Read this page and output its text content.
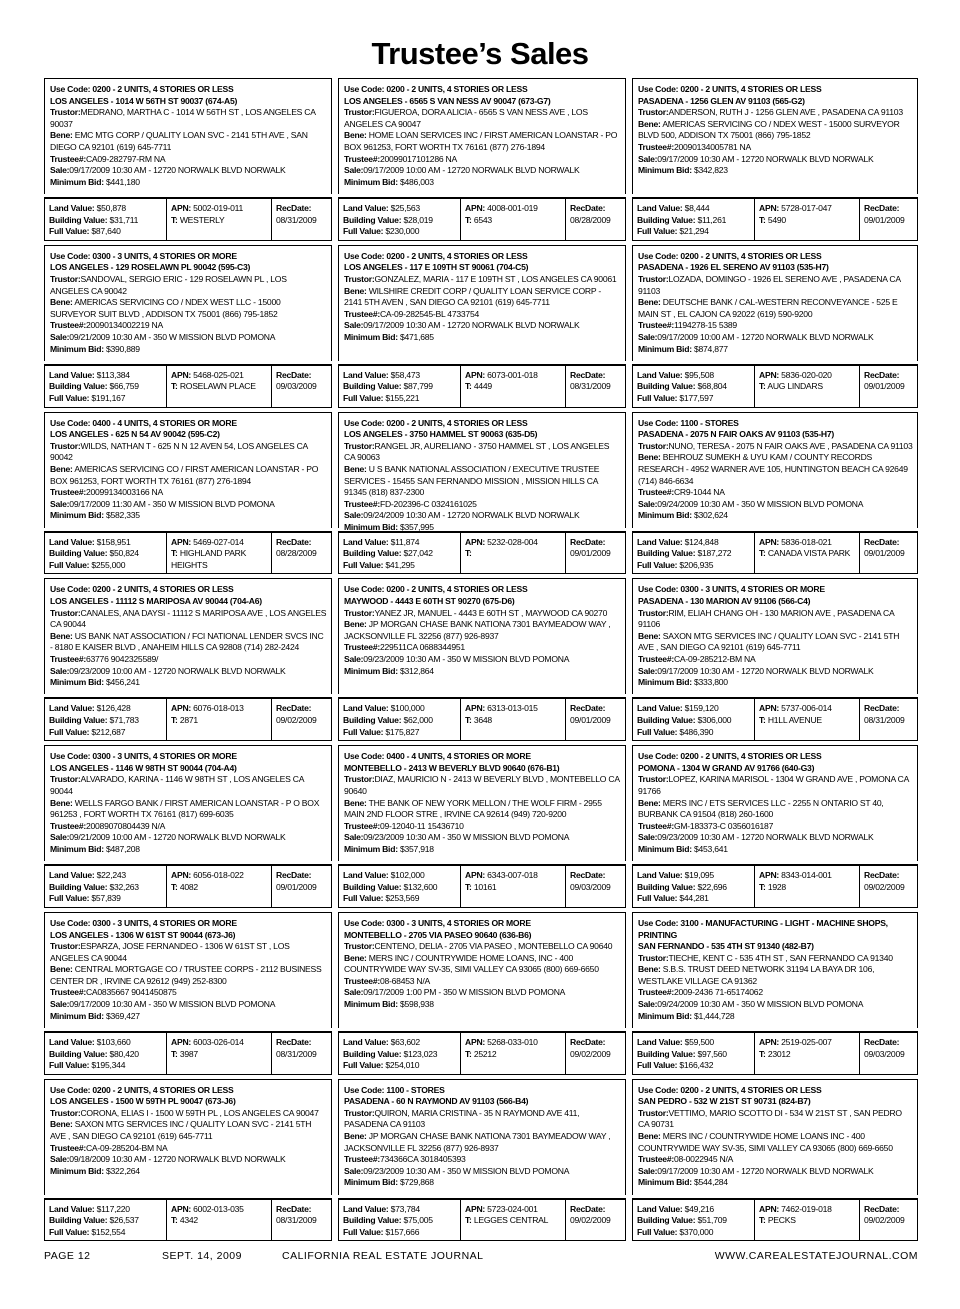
Trustee’s Sales
Use Code: 0200 - 2 UNITS, 4 STORIES OR LESS
LOS ANGELES - 1014 W 56TH ST 90037 (674-A5)
Trustor:MEDRANO, MARTHA C - 1014 W 56TH ST , LOS ANGELES CA 90037
Bene: EMC MTG CORP / QUALITY LOAN SVC - 2141 5TH AVE , SAN DIEGO CA 92101 (619) 645-7711
Trustee#:CA09-282797-RM NA
Sale:09/17/2009 10:30 AM - 12720 NORWALK BLVD NORWALK
Minimum Bid: $441,180
Land Value: $50,878
Building Value: $31,711
Full Value: $87,640
APN: 5002-019-011
T: WESTERLY
RecDate:
08/31/2009
Use Code: 0200 - 2 UNITS, 4 STORIES OR LESS
LOS ANGELES - 6565 S VAN NESS AV 90047 (673-G7)
Trustor:FIGUEROA, DORA ALICIA - 6565 S VAN NESS AVE , LOS ANGELES CA 90047
Bene: HOME LOAN SERVICES INC / FIRST AMERICAN LOANSTAR - PO BOX 961253, FORT WORTH TX 76161 (877) 276-1894
Trustee#:20099017101286 NA
Sale:09/17/2009 10:00 AM - 12720 NORWALK BLVD NORWALK
Minimum Bid: $486,003
Land Value: $25,563
Building Value: $28,019
Full Value: $230,000
APN: 4008-001-019
T: 6543
RecDate:
08/28/2009
Use Code: 0200 - 2 UNITS, 4 STORIES OR LESS
PASADENA - 1256 GLEN AV 91103 (565-G2)
Trustor:ANDERSON, RUTH J - 1256 GLEN AVE , PASADENA CA 91103
Bene: AMERICAS SERVICING CO / NDEX WEST - 15000 SURVEYOR BLVD 500, ADDISON TX 75001 (866) 795-1852
Trustee#:20090134005781 NA
Sale:09/17/2009 10:30 AM - 12720 NORWALK BLVD NORWALK
Minimum Bid: $342,823
Land Value: $8,444
Building Value: $11,261
Full Value: $21,294
APN: 5728-017-047
T: 5490
RecDate:
09/01/2009
Use Code: 0300 - 3 UNITS, 4 STORIES OR MORE
LOS ANGELES - 129 ROSELAWN PL 90042 (595-C3)
Trustor:SANDOVAL, SERGIO ERIC - 129 ROSELAWN PL , LOS ANGELES CA 90042
Bene: AMERICAS SERVICING CO / NDEX WEST LLC - 15000 SURVEYOR SUIT BLVD , ADDISON TX 75001 (866) 795-1852
Trustee#:20090134002219 NA
Sale:09/21/2009 10:30 AM - 350 W MISSION BLVD POMONA
Minimum Bid: $390,889
Land Value: $113,384
Building Value: $66,759
Full Value: $191,167
APN: 5468-025-021
T: ROSELAWN PLACE
RecDate:
09/03/2009
Use Code: 0200 - 2 UNITS, 4 STORIES OR LESS
LOS ANGELES - 117 E 109TH ST 90061 (704-C5)
Trustor:GONZALEZ, MARIA - 117 E 109TH ST , LOS ANGELES CA 90061
Bene: WILSHIRE CREDIT CORP / QUALITY LOAN SERVICE CORP - 2141 5TH AVEN , SAN DIEGO CA 92101 (619) 645-7711
Trustee#:CA-09-282545-BL 4733754
Sale:09/17/2009 10:30 AM - 12720 NORWALK BLVD NORWALK
Minimum Bid: $471,685
Land Value: $58,473
Building Value: $87,799
Full Value: $155,221
APN: 6073-001-018
T: 4449
RecDate:
08/31/2009
Use Code: 0200 - 2 UNITS, 4 STORIES OR LESS
PASADENA - 1926 EL SERENO AV 91103 (535-H7)
Trustor:LOZADA, DOMINGO - 1926 EL SERENO AVE , PASADENA CA 91103
Bene: DEUTSCHE BANK / CAL-WESTERN RECONVEYANCE - 525 E MAIN ST , EL CAJON CA 92022 (619) 590-9200
Trustee#:1194278-15 5389
Sale:09/17/2009 10:00 AM - 12720 NORWALK BLVD NORWALK
Minimum Bid: $874,877
Land Value: $95,508
Building Value: $68,804
Full Value: $177,597
APN: 5836-020-020
T: AUG LINDARS
RecDate:
09/01/2009
Use Code: 0400 - 4 UNITS, 4 STORIES OR MORE
LOS ANGELES - 625 N 54 AV 90042 (595-C2)
Trustor:WILDS, NATHAN T - 625 N N 12 AVEN 54, LOS ANGELES CA 90042
Bene: AMERICAS SERVICING CO / FIRST AMERICAN LOANSTAR - PO BOX 961253, FORT WORTH TX 76161 (877) 276-1894
Trustee#:20099134003166 NA
Sale:09/17/2009 11:30 AM - 350 W MISSION BLVD POMONA
Minimum Bid: $582,335
Land Value: $158,951
Building Value: $50,824
Full Value: $255,000
APN: 5469-027-014
T: HIGHLAND PARK HEIGHTS
RecDate:
08/28/2009
Use Code: 0200 - 2 UNITS, 4 STORIES OR LESS
LOS ANGELES - 3750 HAMMEL ST 90063 (635-D5)
Trustor:RANGEL JR, AURELIANO - 3750 HAMMEL ST , LOS ANGELES CA 90063
Bene: U S BANK NATIONAL ASSOCIATION / EXECUTIVE TRUSTEE SERVICES - 15455 SAN FERNANDO MISSION , MISSION HILLS CA 91345 (818) 837-2300
Trustee#:FD-202396-C 0324161025
Sale:09/24/2009 10:30 AM - 12720 NORWALK BLVD NORWALK
Minimum Bid: $357,995
Land Value: $11,874
Building Value: $27,042
Full Value: $41,295
APN: 5232-028-004
T:
RecDate:
09/01/2009
Use Code: 1100 - STORES
PASADENA - 2075 N FAIR OAKS AV 91103 (535-H7)
Trustor:NUNO, TERESA - 2075 N FAIR OAKS AVE , PASADENA CA 91103
Bene: BEHROUZ SUMEKH & UYU KAM / COUNTY RECORDS RESEARCH - 4952 WARNER AVE 105, HUNTINGTON BEACH CA 92649 (714) 846-6634
Trustee#:CR9-1044 NA
Sale:09/24/2009 10:30 AM - 350 W MISSION BLVD POMONA
Minimum Bid: $302,624
Land Value: $124,848
Building Value: $187,272
Full Value: $206,935
APN: 5836-018-021
T: CANADA VISTA PARK
RecDate:
09/01/2009
Use Code: 0200 - 2 UNITS, 4 STORIES OR LESS
LOS ANGELES - 11112 S MARIPOSA AV 90044 (704-A6)
Trustor:CANALES, ANA DAYSI - 11112 S MARIPOSA AVE , LOS ANGELES CA 90044
Bene: US BANK NAT ASSOCIATION / FCI NATIONAL LENDER SVCS INC - 8180 E KAISER BLVD , ANAHEIM HILLS CA 92808 (714) 282-2424
Trustee#:63776 9042325589/
Sale:09/23/2009 10:00 AM - 12720 NORWALK BLVD NORWALK
Minimum Bid: $456,241
Land Value: $126,428
Building Value: $71,783
Full Value: $212,687
APN: 6076-018-013
T: 2871
RecDate:
09/02/2009
Use Code: 0200 - 2 UNITS, 4 STORIES OR LESS
MAYWOOD - 4443 E 60TH ST 90270 (675-D6)
Trustor:YANEZ JR, MANUEL - 4443 E 60TH ST , MAYWOOD CA 90270
Bene: JP MORGAN CHASE BANK NATIONA 7301 BAYMEADOW WAY , JACKSONVILLE FL 32256 (877) 926-8937
Trustee#:229511CA 0688344951
Sale:09/23/2009 10:30 AM - 350 W MISSION BLVD POMONA
Minimum Bid: $312,864
Land Value: $100,000
Building Value: $62,000
Full Value: $175,827
APN: 6313-013-015
T: 3648
RecDate:
09/01/2009
Use Code: 0300 - 3 UNITS, 4 STORIES OR MORE
PASADENA - 130 MARION AV 91106 (566-C4)
Trustor:RIM, ELIAH CHANG OH - 130 MARION AVE , PASADENA CA 91106
Bene: SAXON MTG SERVICES INC / QUALITY LOAN SVC - 2141 5TH AVE , SAN DIEGO CA 92101 (619) 645-7711
Trustee#:CA-09-285212-BM NA
Sale:09/17/2009 10:30 AM - 12720 NORWALK BLVD NORWALK
Minimum Bid: $333,800
Land Value: $159,120
Building Value: $306,000
Full Value: $486,390
APN: 5737-006-014
T: H1LL AVENUE
RecDate:
08/31/2009
Use Code: 0300 - 3 UNITS, 4 STORIES OR MORE
LOS ANGELES - 1146 W 98TH ST 90044 (704-A4)
Trustor:ALVARADO, KARINA - 1146 W 98TH ST , LOS ANGELES CA 90044
Bene: WELLS FARGO BANK / FIRST AMERICAN LOANSTAR - P O BOX 961253 , FORT WORTH TX 76161 (817) 699-6035
Trustee#:20089070804439 N/A
Sale:09/21/2009 10:00 AM - 12720 NORWALK BLVD NORWALK
Minimum Bid: $487,208
Land Value: $22,243
Building Value: $32,263
Full Value: $57,839
APN: 6056-018-022
T: 4082
RecDate:
09/01/2009
Use Code: 0400 - 4 UNITS, 4 STORIES OR MORE
MONTEBELLO - 2413 W BEVERLY BLVD 90640 (676-B1)
Trustor:DIAZ, MAURICIO N - 2413 W BEVERLY BLVD , MONTEBELLO CA 90640
Bene: THE BANK OF NEW YORK MELLON / THE WOLF FIRM - 2955 MAIN 2ND FLOOR STRE , IRVINE CA 92614 (949) 720-9200
Trustee#:09-12040-11 15436710
Sale:09/23/2009 10:30 AM - 350 W MISSION BLVD POMONA
Minimum Bid: $357,918
Land Value: $102,000
Building Value: $132,600
Full Value: $253,569
APN: 6343-007-018
T: 10161
RecDate:
09/03/2009
Use Code: 0200 - 2 UNITS, 4 STORIES OR LESS
POMONA - 1304 W GRAND AV 91766 (640-G3)
Trustor:LOPEZ, KARINA MARISOL - 1304 W GRAND AVE , POMONA CA 91766
Bene: MERS INC / ETS SERVICES LLC - 2255 N ONTARIO ST 40, BURBANK CA 91504 (818) 260-1600
Trustee#:GM-183373-C 0356016187
Sale:09/23/2009 10:30 AM - 12720 NORWALK BLVD NORWALK
Minimum Bid: $453,641
Land Value: $19,095
Building Value: $22,696
Full Value: $44,281
APN: 8343-014-001
T: 1928
RecDate:
09/02/2009
Use Code: 0300 - 3 UNITS, 4 STORIES OR MORE
LOS ANGELES - 1306 W 61ST ST 90044 (673-J6)
Trustor:ESPARZA, JOSE FERNANDEO - 1306 W 61ST ST , LOS ANGELES CA 90044
Bene: CENTRAL MORTGAGE CO / TRUSTEE CORPS - 2112 BUSINESS CENTER DR , IRVINE CA 92612 (949) 252-8300
Trustee#:CA0835667 9041450875
Sale:09/17/2009 10:30 AM - 350 W MISSION BLVD POMONA
Minimum Bid: $369,427
Land Value: $103,660
Building Value: $80,420
Full Value: $195,344
APN: 6003-026-014
T: 3987
RecDate:
08/31/2009
Use Code: 0300 - 3 UNITS, 4 STORIES OR MORE
MONTEBELLO - 2705 VIA PASEO 90640 (636-B6)
Trustor:CENTENO, DELIA - 2705 VIA PASEO , MONTEBELLO CA 90640
Bene: MERS INC / COUNTRYWIDE HOME LOANS, INC - 400 COUNTRYWIDE WAY SV-35, SIMI VALLEY CA 93065 (800) 669-6650
Trustee#:08-68453 N/A
Sale:09/17/2009 1:00 PM - 350 W MISSION BLVD POMONA
Minimum Bid: $598,938
Land Value: $63,602
Building Value: $123,023
Full Value: $254,010
APN: 5268-033-010
T: 25212
RecDate:
09/02/2009
Use Code: 3100 - MANUFACTURING - LIGHT - MACHINE SHOPS, PRINTING
SAN FERNANDO - 535 4TH ST 91340 (482-B7)
Trustor:TIECHE, KENT C - 535 4TH ST , SAN FERNANDO CA 91340
Bene: S.B.S. TRUST DEED NETWORK 31194 LA BAYA DR 106, WESTLAKE VILLAGE CA 91362
Trustee#:2009-2436 71-65174062
Sale:09/24/2009 10:30 AM - 350 W MISSION BLVD POMONA
Minimum Bid: $1,444,728
Land Value: $59,500
Building Value: $97,560
Full Value: $166,432
APN: 2519-025-007
T: 23012
RecDate:
09/03/2009
Use Code: 0200 - 2 UNITS, 4 STORIES OR LESS
LOS ANGELES - 1500 W 59TH PL 90047 (673-J6)
Trustor:CORONA, ELIAS I - 1500 W 59TH PL , LOS ANGELES CA 90047
Bene: SAXON MTG SERVICES INC / QUALITY LOAN SVC - 2141 5TH AVE , SAN DIEGO CA 92101 (619) 645-7711
Trustee#:CA-09-285204-BM NA
Sale:09/18/2009 10:30 AM - 12720 NORWALK BLVD NORWALK
Minimum Bid: $322,264
Land Value: $117,220
Building Value: $26,537
Full Value: $152,554
APN: 6002-013-035
T: 4342
RecDate:
08/31/2009
Use Code: 1100 - STORES
PASADENA - 60 N RAYMOND AV 91103 (566-B4)
Trustor:QUIRON, MARIA CRISTINA - 35 N RAYMOND AVE 411, PASADENA CA 91103
Bene: JP MORGAN CHASE BANK NATIONA 7301 BAYMEADOW WAY , JACKSONVILLE FL 32256 (877) 926-8937
Trustee#:734366CA 3018405393
Sale:09/23/2009 10:30 AM - 350 W MISSION BLVD POMONA
Minimum Bid: $729,868
Land Value: $73,784
Building Value: $75,005
Full Value: $157,666
APN: 5723-024-001
T: LEGGES CENTRAL
RecDate:
09/02/2009
Use Code: 0200 - 2 UNITS, 4 STORIES OR LESS
SAN PEDRO - 532 W 21ST ST 90731 (824-B7)
Trustor:VETTIMO, MARIO SCOTTO DI - 534 W 21ST ST , SAN PEDRO CA 90731
Bene: MERS INC / COUNTRYWIDE HOME LOANS INC - 400 COUNTRYWIDE WAY SV-35, SIMI VALLEY CA 93065 (800) 669-6650
Trustee#:08-0022945 N/A
Sale:09/17/2009 10:30 AM - 12720 NORWALK BLVD NORWALK
Minimum Bid: $544,284
Land Value: $49,216
Building Value: $51,709
Full Value: $370,000
APN: 7462-019-018
T: PECKS
RecDate:
09/02/2009
PAGE 12	SEPT. 14, 2009	CALIFORNIA REAL ESTATE JOURNAL	WWW.CAREALESTATEJOURNAL.COM
